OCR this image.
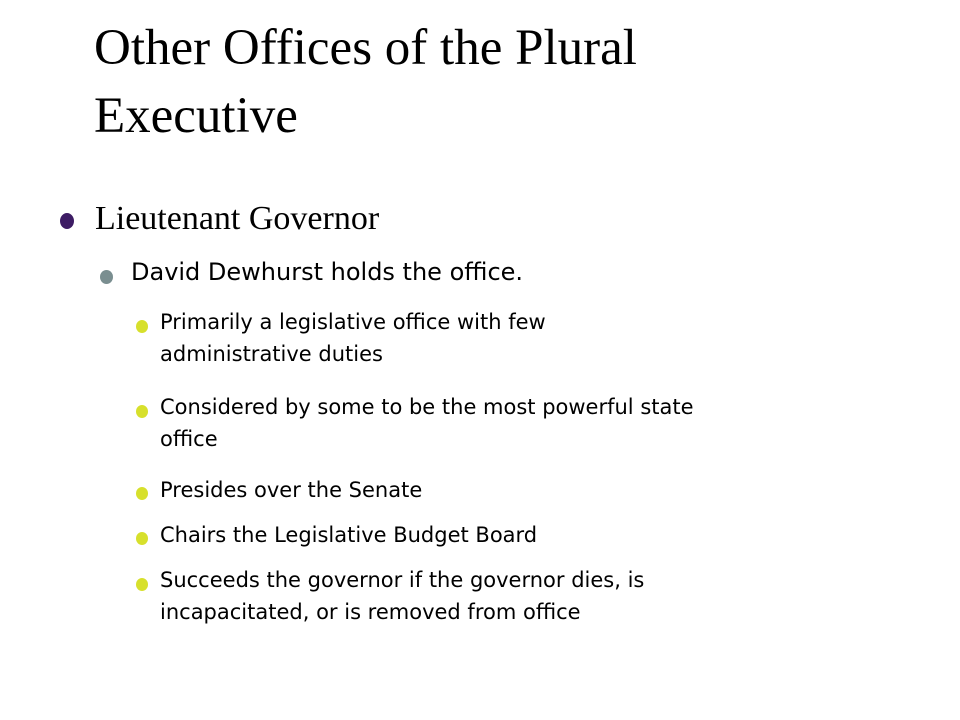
Other Offices of the Plural
Executive
Lieutenant Governor
David Dewhurst holds the office.
Primarily a legislative office with few
administrative duties
Considered by some to be the most powerful state
office
Presides over the Senate
Chairs the Legislative Budget Board
Succeeds the governor if the governor dies, is
incapacitated, or is removed from office
